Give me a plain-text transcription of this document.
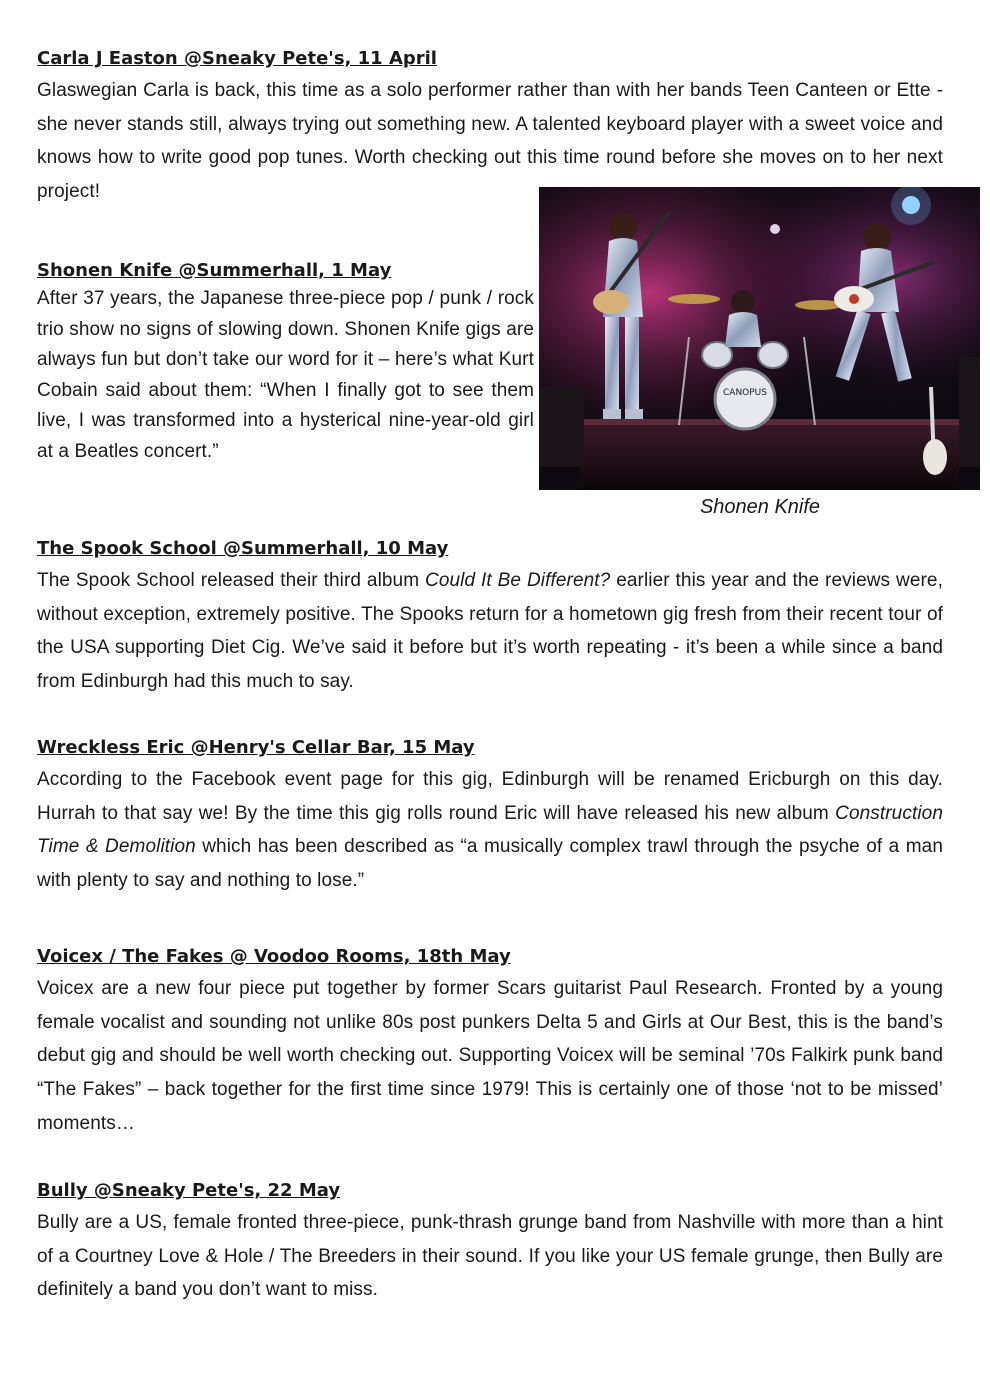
Carla J Easton @Sneaky Pete's, 11 April

Glaswegian Carla is back, this time as a solo performer rather than with her bands Teen Canteen or Ette - she never stands still, always trying out something new. A talented keyboard player with a sweet voice and knows how to write good pop tunes. Worth checking out this time round before she moves on to her next project!

Shonen Knife @Summerhall, 1 May

After 37 years, the Japanese three-piece pop / punk / rock trio show no signs of slowing down. Shonen Knife gigs are always fun but don’t take our word for it – here’s what Kurt Cobain said about them: “When I finally got to see them live, I was transformed into a hysterical nine-year-old girl at a Beatles concert.”

The Spook School @Summerhall, 10 May

The Spook School released their third album Could It Be Different? earlier this year and the reviews were, without exception, extremely positive. The Spooks return for a hometown gig fresh from their recent tour of the USA supporting Diet Cig. We’ve said it before but it’s worth repeating - it’s been a while since a band from Edinburgh had this much to say.

Wreckless Eric @Henry's Cellar Bar, 15 May

According to the Facebook event page for this gig, Edinburgh will be renamed Ericburgh on this day. Hurrah to that say we! By the time this gig rolls round Eric will have released his new album Construction Time & Demolition which has been described as “a musically complex trawl through the psyche of a man with plenty to say and nothing to lose.”

Voicex / The Fakes @ Voodoo Rooms, 18th May

Voicex are a new four piece put together by former Scars guitarist Paul Research. Fronted by a young female vocalist and sounding not unlike 80s post punkers Delta 5 and Girls at Our Best, this is the band’s debut gig and should be well worth checking out. Supporting Voicex will be seminal ’70s Falkirk punk band “The Fakes” – back together for the first time since 1979! This is certainly one of those ‘not to be missed’ moments…

Bully @Sneaky Pete's, 22 May

Bully are a US, female fronted three-piece, punk-thrash grunge band from Nashville with more than a hint of a Courtney Love & Hole / The Breeders in their sound. If you like your US female grunge, then Bully are definitely a band you don’t want to miss.

CANOPUS
Shonen Knife
